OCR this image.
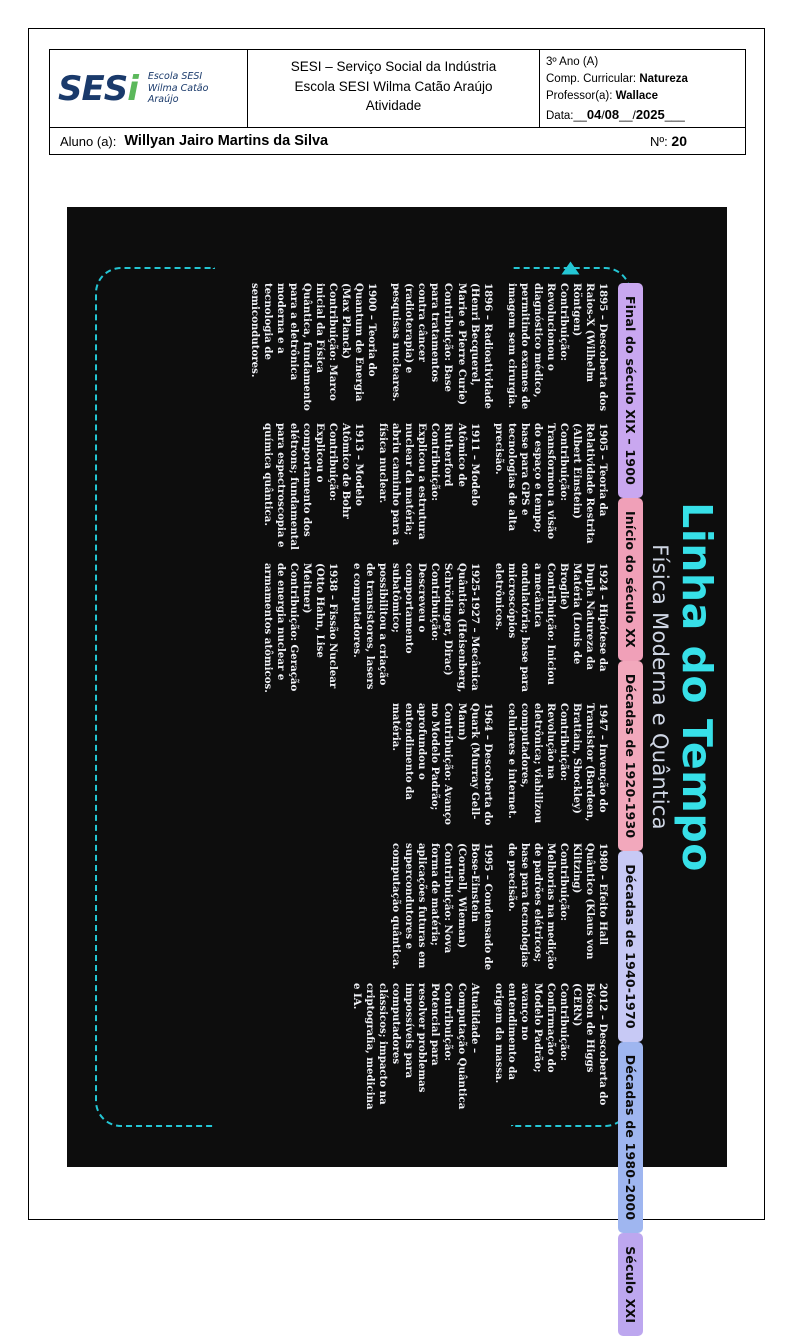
SESi Escola SESI
Wilma Catão
Araújo
SESI – Serviço Social da Indústria
Escola SESI Wilma Catão Araújo
Atividade
3º Ano (A)
Comp. Curricular: Natureza
Professor(a): Wallace
Data:__04/08__/2025___
Aluno (a): Willyan Jairo Martins da Silva	Nº: 20
Linha do Tempo
Física Moderna e Quântica
Final do século XIX – 1900
Início do século XX
Décadas de 1920-1930
Décadas de 1940-1970
Décadas de 1980–2000
Século XXI
1895 – Descoberta dos Raios-X (Wilhelm Röntgen)
Contribuição: Revolucionou o diagnóstico médico, permitindo exames de imagem sem cirurgia.
1896 – Radioatividade (Henri Becquerel, Marie e Pierre Curie)
Contribuição: Base para tratamentos contra câncer (radioterapia) e pesquisas nucleares.
1900 – Teoria do Quantum de Energia (Max Planck)
Contribuição: Marco inicial da Física Quântica, fundamento para a eletrônica moderna e a tecnologia de semicondutores.
1905 – Teoria da Relatividade Restrita (Albert Einstein)
Contribuição: Transformou a visão do espaço e tempo; base para GPS e tecnologias de alta precisão.
1911 – Modelo Atômico de Rutherford
Contribuição: Explicou a estrutura nuclear da matéria; abriu caminho para a física nuclear.
1913 – Modelo Atômico de Bohr
Contribuição: Explicou o comportamento dos elétrons; fundamental para espectroscopia e química quântica.
1924 – Hipótese da Dupla Natureza da Matéria (Louis de Broglie)
Contribuição: Iniciou a mecânica ondulatória; base para microscópios eletrônicos.
1925-1927 – Mecânica Quântica (Heisenberg, Schrödinger, Dirac)
Contribuição: Descreveu o comportamento subatômico; possibilitou a criação de transistores, lasers e computadores.
1938 – Fissão Nuclear (Otto Hahn, Lise Meitner)
Contribuição: Geração de energia nuclear e armamentos atômicos.
1947 – Invenção do Transistor (Bardeen, Brattain, Shockley)
Contribuição: Revolução na eletrônica; viabilizou computadores, celulares e internet.
1964 – Descoberta do Quark (Murray Gell-Mann)
Contribuição: Avanço no Modelo Padrão; aprofundou o entendimento da matéria.
1980 – Efeito Hall Quântico (Klaus von Klitzing)
Contribuição: Melhorias na medição de padrões elétricos; base para tecnologias de precisão.
1995 – Condensado de Bose-Einstein (Cornell, Wieman)
Contribuição: Nova forma de matéria; aplicações futuras em supercondutores e computação quântica.
2012 – Descoberta do Bóson de Higgs (CERN)
Contribuição: Confirmação do Modelo Padrão; avanço no entendimento da origem da massa.
Atualidade – Computação Quântica
Contribuição: Potencial para resolver problemas impossíveis para computadores clássicos; impacto na criptografia, medicina e IA.
